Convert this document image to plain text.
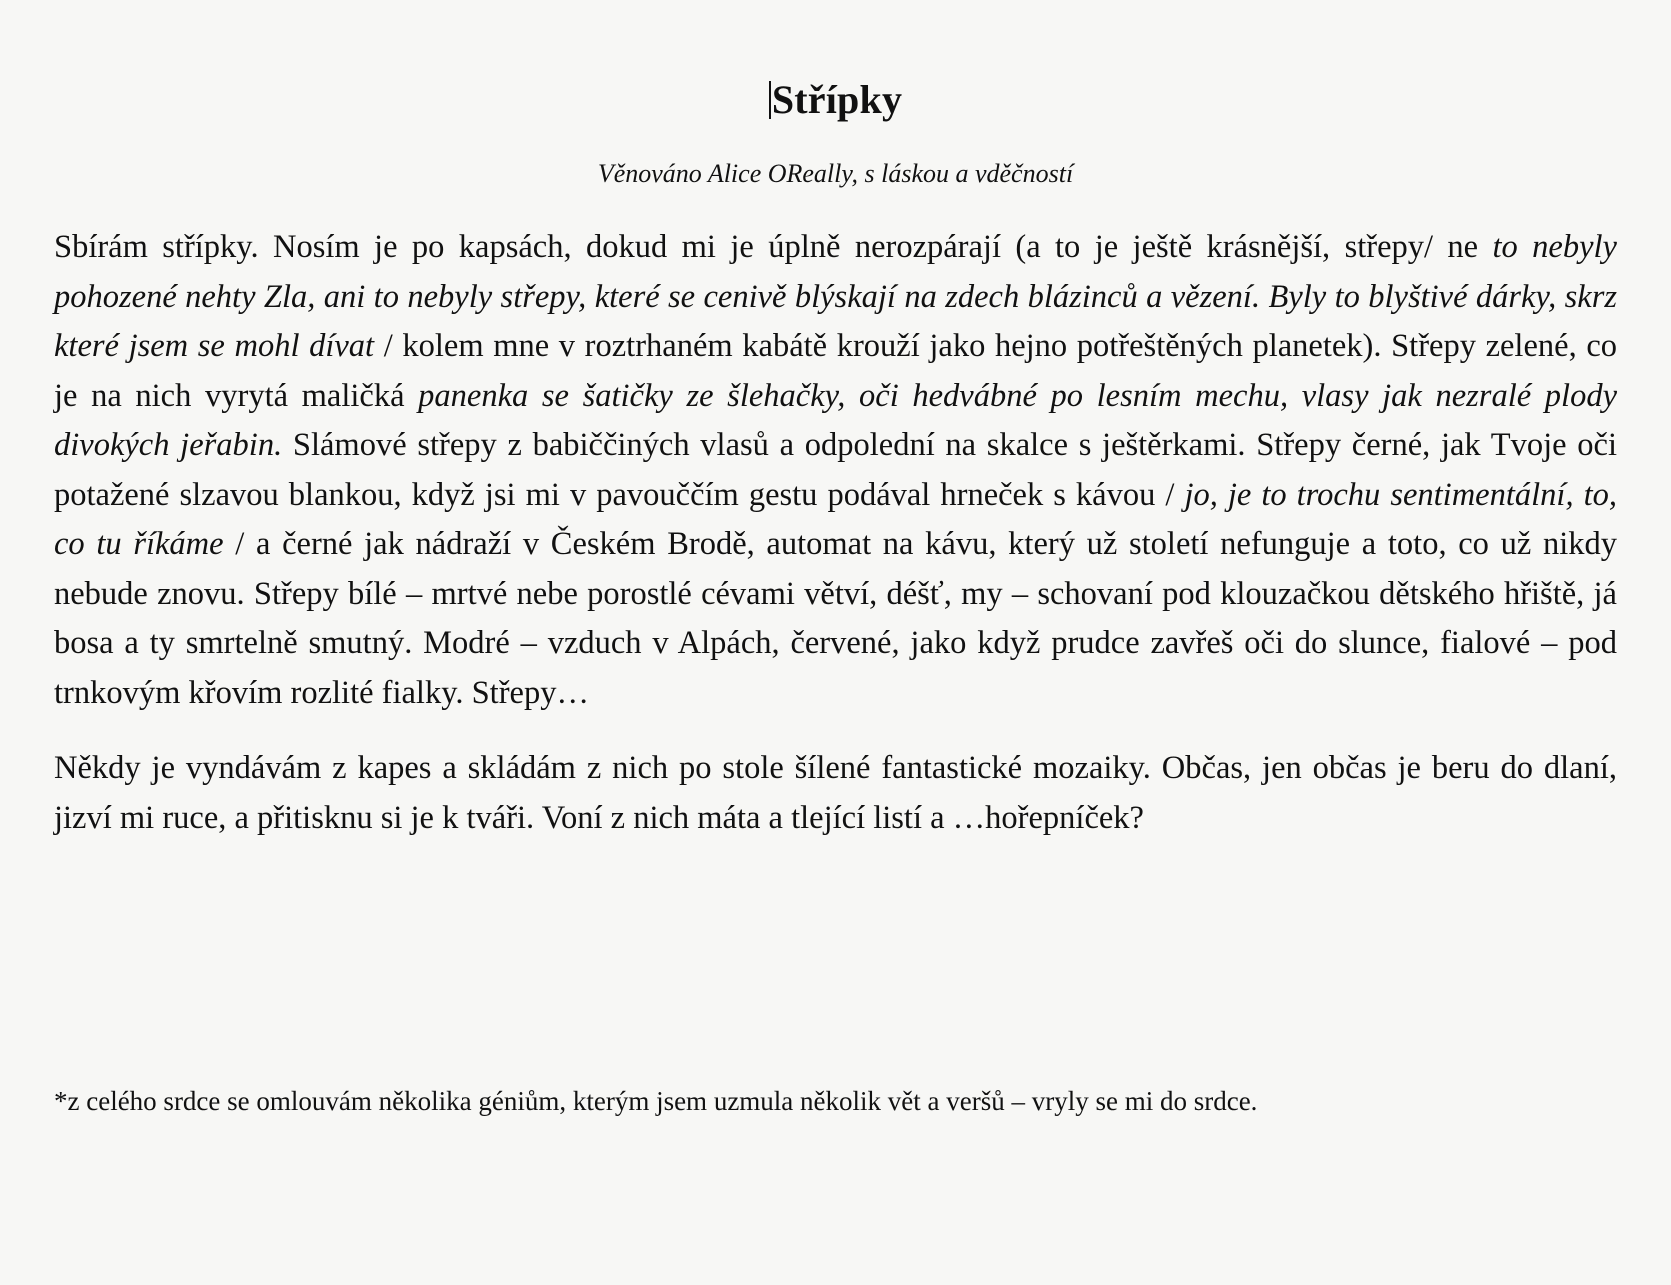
Střípky
Věnováno Alice OReally, s láskou a vděčností

Sbírám střípky. Nosím je po kapsách, dokud mi je úplně nerozpárají (a to je ještě krásnější, střepy/ ne to nebyly pohozené nehty Zla, ani to nebyly střepy, které se cenivě blýskají na zdech blázinců a vězení. Byly to blyštivé dárky, skrz které jsem se mohl dívat / kolem mne v roztrhaném kabátě krouží jako hejno potřeštěných planetek). Střepy zelené, co je na nich vyrytá maličká panenka se šatičky ze šlehačky, oči hedvábné po lesním mechu, vlasy jak nezralé plody divokých jeřabin. Slámové střepy z babiččiných vlasů a odpolední na skalce s ještěrkami. Střepy černé, jak Tvoje oči potažené slzavou blankou, když jsi mi v pavouččím gestu podával hrneček s kávou / jo, je to trochu sentimentální, to, co tu říkáme / a černé jak nádraží v Českém Brodě, automat na kávu, který už století nefunguje a toto, co už nikdy nebude znovu. Střepy bílé – mrtvé nebe porostlé cévami větví, déšť, my – schovaní pod klouzačkou dětského hřiště, já bosa a ty smrtelně smutný. Modré – vzduch v Alpách, červené, jako když prudce zavřeš oči do slunce, fialové – pod trnkovým křovím rozlité fialky. Střepy…

Někdy je vyndávám z kapes a skládám z nich po stole šílené fantastické mozaiky. Občas, jen občas je beru do dlaní, jizví mi ruce, a přitisknu si je k tváři. Voní z nich máta a tlející listí a …hořepníček?

*z celého srdce se omlouvám několika géniům, kterým jsem uzmula několik vět a veršů – vryly se mi do srdce.
